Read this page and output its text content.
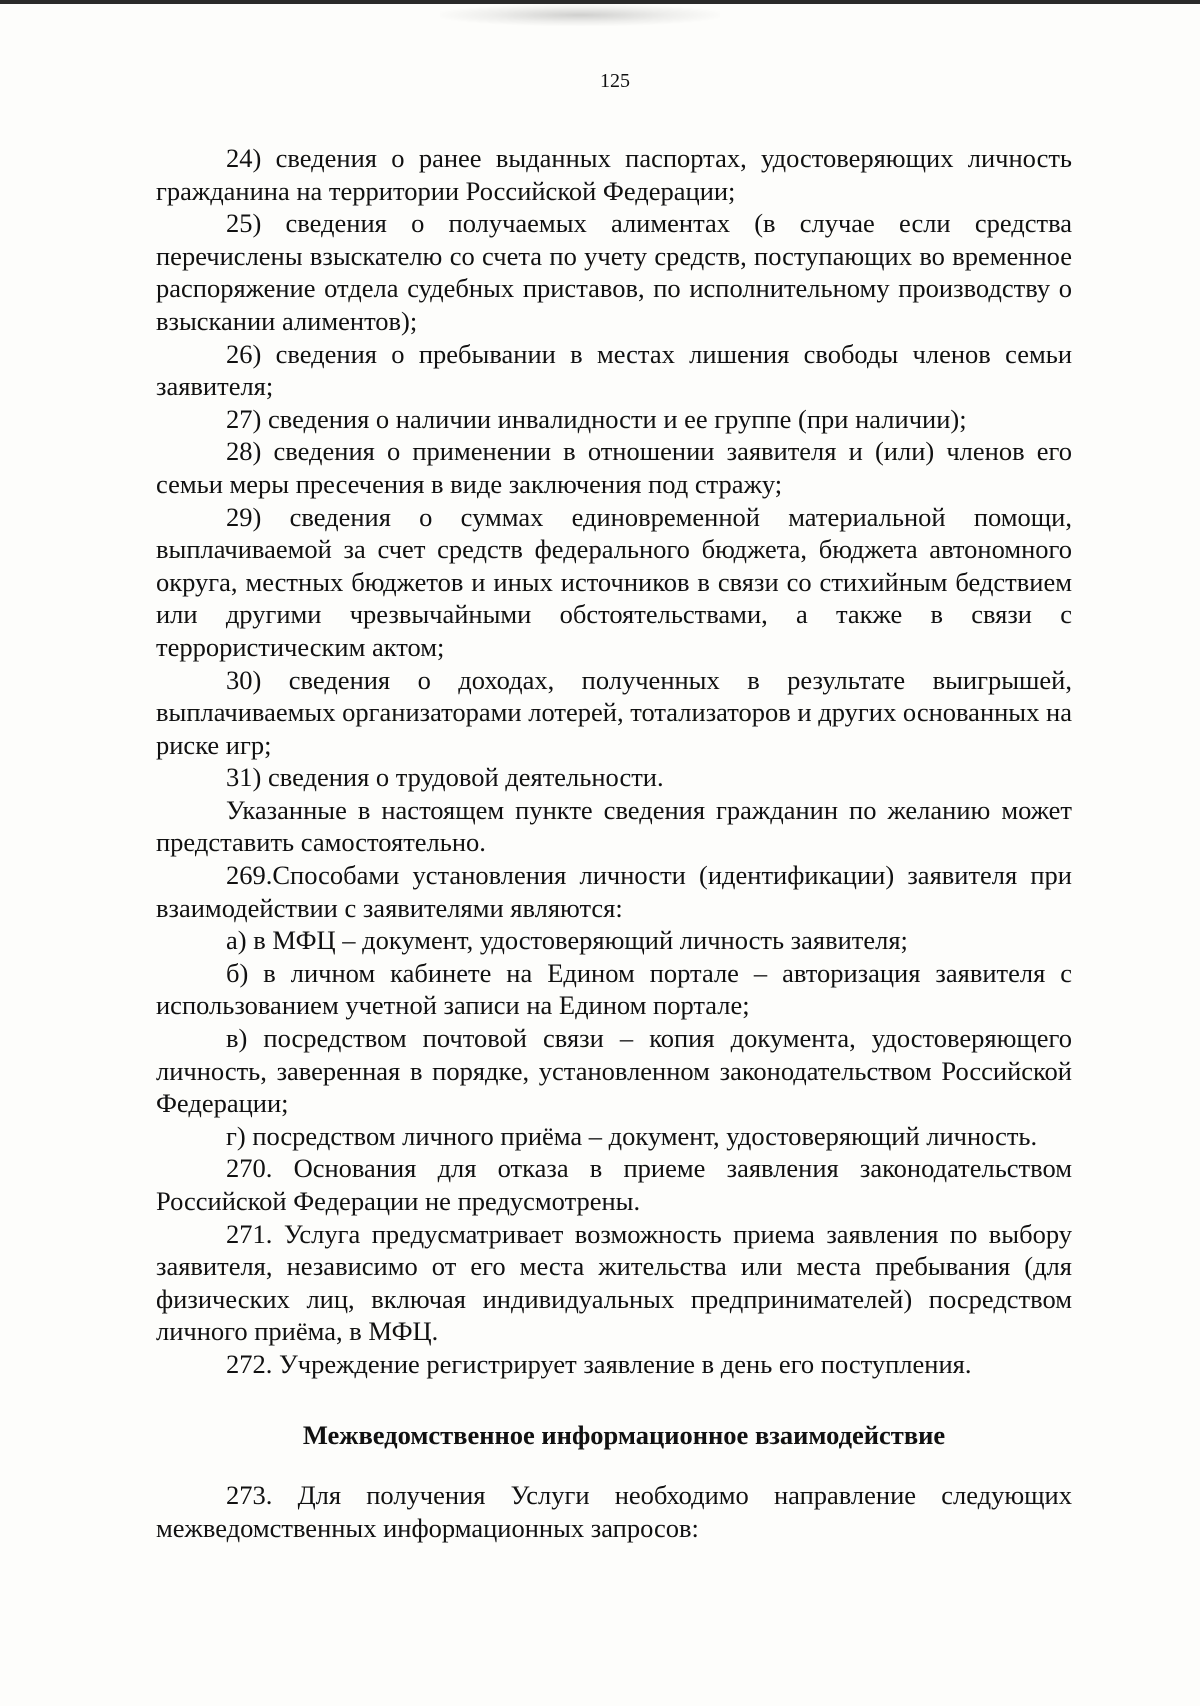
125

24) сведения о ранее выданных паспортах, удостоверяющих личность гражданина на территории Российской Федерации;

25) сведения о получаемых алиментах (в случае если средства перечислены взыскателю со счета по учету средств, поступающих во временное распоряжение отдела судебных приставов, по исполнительному производству о взыскании алиментов);

26) сведения о пребывании в местах лишения свободы членов семьи заявителя;

27) сведения о наличии инвалидности и ее группе (при наличии);

28) сведения о применении в отношении заявителя и (или) членов его семьи меры пресечения в виде заключения под стражу;

29) сведения о суммах единовременной материальной помощи, выплачиваемой за счет средств федерального бюджета, бюджета автономного округа, местных бюджетов и иных источников в связи со стихийным бедствием или другими чрезвычайными обстоятельствами, а также в связи с террористическим актом;

30) сведения о доходах, полученных в результате выигрышей, выплачиваемых организаторами лотерей, тотализаторов и других основанных на риске игр;

31) сведения о трудовой деятельности.

Указанные в настоящем пункте сведения гражданин по желанию может представить самостоятельно.

269.Способами установления личности (идентификации) заявителя при взаимодействии с заявителями являются:

а) в МФЦ – документ, удостоверяющий личность заявителя;

б) в личном кабинете на Едином портале – авторизация заявителя с использованием учетной записи на Едином портале;

в) посредством почтовой связи – копия документа, удостоверяющего личность, заверенная в порядке, установленном законодательством Российской Федерации;

г) посредством личного приёма – документ, удостоверяющий личность.

270. Основания для отказа в приеме заявления законодательством Российской Федерации не предусмотрены.

271. Услуга предусматривает возможность приема заявления по выбору заявителя, независимо от его места жительства или места пребывания (для физических лиц, включая индивидуальных предпринимателей) посредством личного приёма, в МФЦ.

272. Учреждение регистрирует заявление в день его поступления.

Межведомственное информационное взаимодействие

273. Для получения Услуги необходимо направление следующих межведомственных информационных запросов:
